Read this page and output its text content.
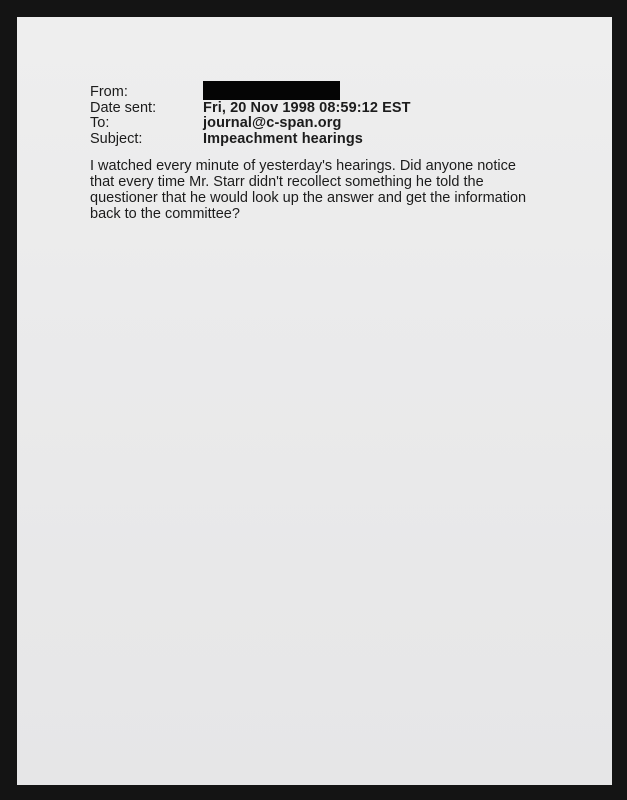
From:
Date sent:	Fri, 20 Nov 1998 08:59:12 EST
To:	journal@c-span.org
Subject:	Impeachment hearings
I watched every minute of yesterday's hearings. Did anyone notice
that every time Mr. Starr didn't recollect something he told the
questioner that he would look up the answer and get the information
back to the committee?
